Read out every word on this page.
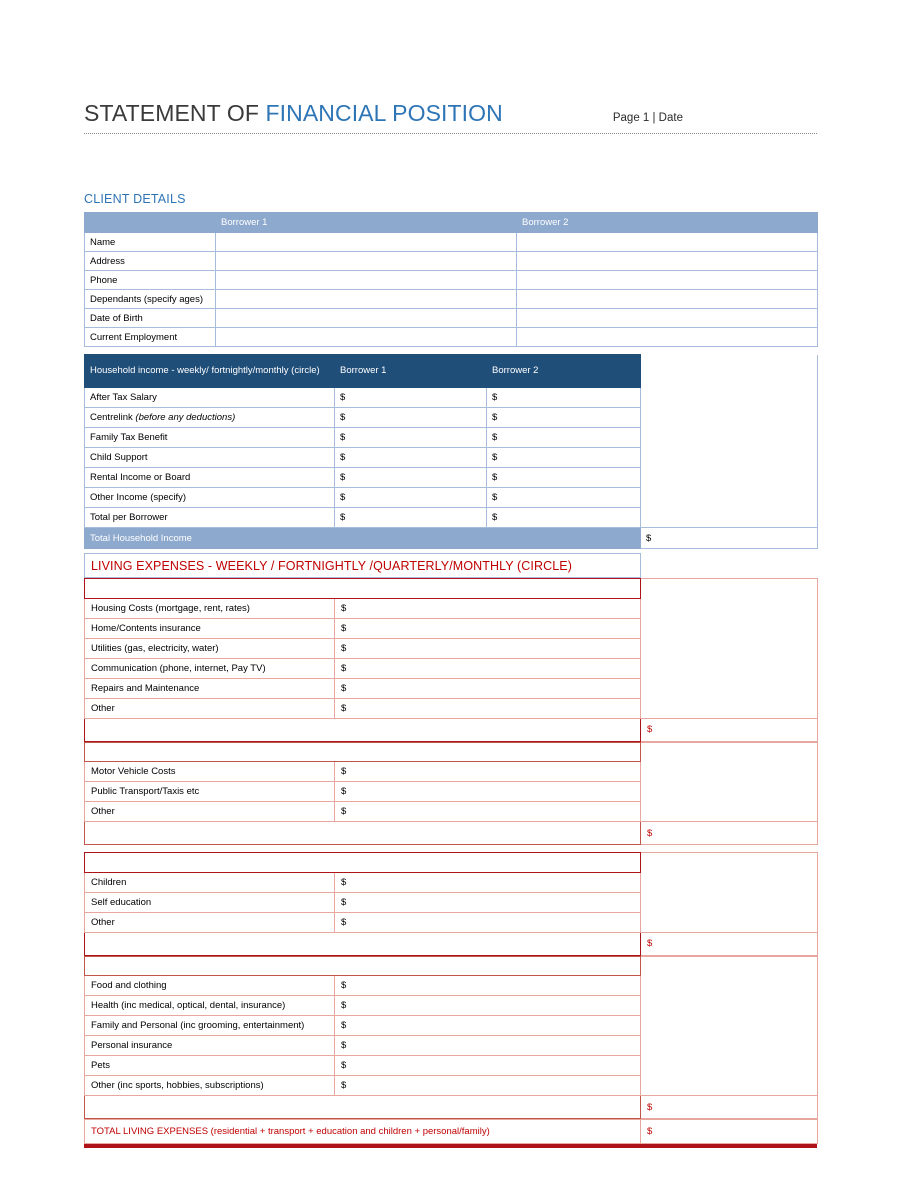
STATEMENT OF FINANCIAL POSITION	Page 1 | Date
CLIENT DETAILS
	Borrower 1	Borrower 2
Name		
Address		
Phone		
Dependants (specify ages)		
Date of Birth		
Current Employment		
Household income - weekly/ fortnightly/monthly (circle)	Borrower 1	Borrower 2	
After Tax Salary	$	$	
Centrelink (before any deductions)	$	$	
Family Tax Benefit	$	$	
Child Support	$	$	
Rental Income or Board	$	$	
Other Income (specify)	$	$	
Total per Borrower	$	$	
Total Household Income			$
LIVING EXPENSES - WEEKLY / FORTNIGHTLY /QUARTERLY/MONTHLY (CIRCLE)	
Residential		
Housing Costs (mortgage, rent, rates)	$	
Home/Contents insurance	$	
Utilities (gas, electricity, water)	$	
Communication (phone, internet, Pay TV)	$	
Repairs and Maintenance	$	
Other	$	
Total Residential Expenses		$
Transport		
Motor Vehicle Costs	$	
Public Transport/Taxis etc	$	
Other	$	
Total Transport Expenses		$
Education and Children		
Children	$	
Self education	$	
Other	$	
Total Education and Children Expenses		$
Personal and Family		
Food and clothing	$	
Health (inc medical, optical, dental, insurance)	$	
Family and Personal (inc grooming, entertainment)	$	
Personal insurance	$	
Pets	$	
Other (inc sports, hobbies, subscriptions)	$	
Total Personal/Family Expenses		$
TOTAL LIVING EXPENSES (residential + transport + education and children + personal/family)	$
